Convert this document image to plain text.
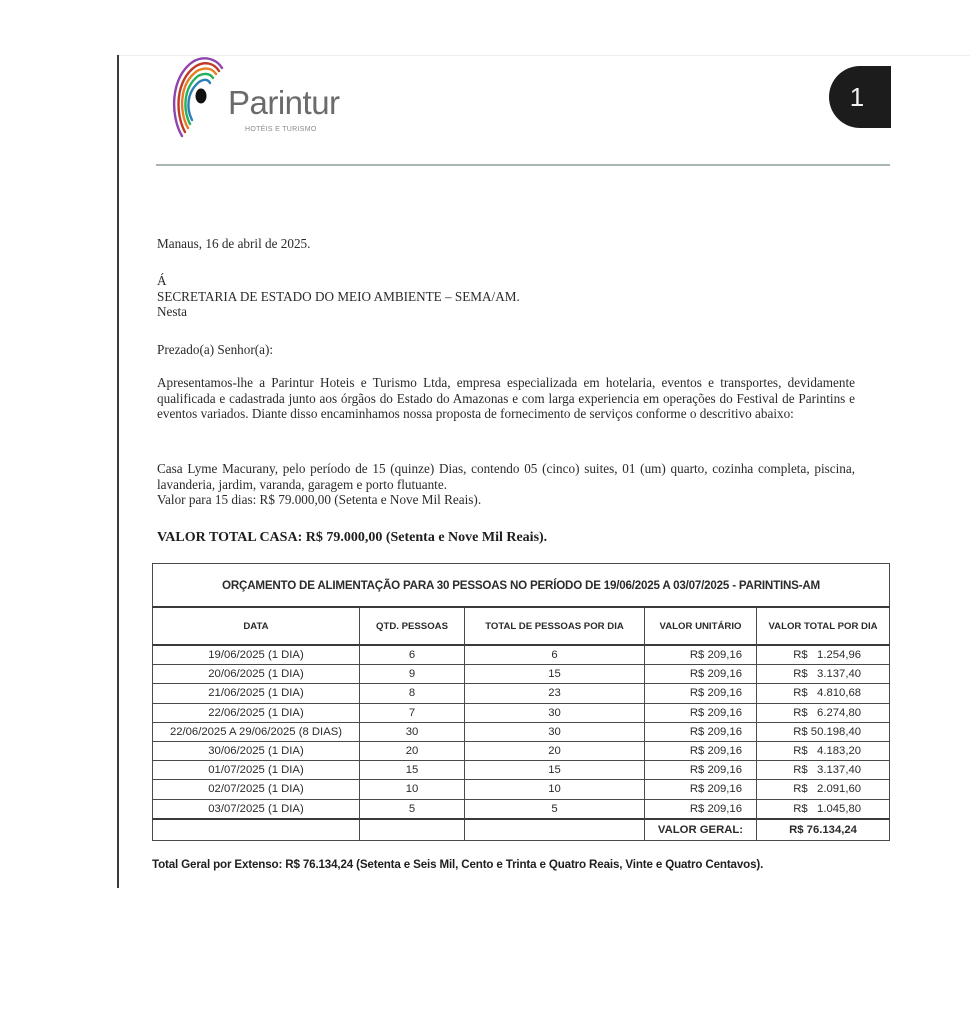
Parintur
HOTÉIS E TURISMO
1
Manaus, 16 de abril de 2025.
Á
SECRETARIA DE ESTADO DO MEIO AMBIENTE – SEMA/AM.
Nesta
Prezado(a) Senhor(a):
Apresentamos-lhe a Parintur Hoteis e Turismo Ltda, empresa especializada em hotelaria, eventos e transportes, devidamente qualificada e cadastrada junto aos órgãos do Estado do Amazonas e com larga experiencia em operações do Festival de Parintins e eventos variados. Diante disso encaminhamos nossa proposta de fornecimento de serviços conforme o descritivo abaixo:

Casa Lyme Macurany, pelo período de 15 (quinze) Dias, contendo 05 (cinco) suites, 01 (um) quarto, cozinha completa, piscina, lavanderia, jardim, varanda, garagem e porto flutuante.

Valor para 15 dias: R$ 79.000,00 (Setenta e Nove Mil Reais).

VALOR TOTAL CASA: R$ 79.000,00 (Setenta e Nove Mil Reais).
ORÇAMENTO DE ALIMENTAÇÃO PARA 30 PESSOAS NO PERÍODO DE 19/06/2025 A 03/07/2025 - PARINTINS-AM				
DATA	QTD. PESSOAS	TOTAL DE PESSOAS POR DIA	VALOR UNITÁRIO	VALOR TOTAL POR DIA
19/06/2025 (1 DIA)	6	6	R$ 209,16	R$   1.254,96
20/06/2025 (1 DIA)	9	15	R$ 209,16	R$   3.137,40
21/06/2025 (1 DIA)	8	23	R$ 209,16	R$   4.810,68
22/06/2025 (1 DIA)	7	30	R$ 209,16	R$   6.274,80
22/06/2025 A 29/06/2025 (8 DIAS)	30	30	R$ 209,16	R$ 50.198,40
30/06/2025 (1 DIA)	20	20	R$ 209,16	R$   4.183,20
01/07/2025 (1 DIA)	15	15	R$ 209,16	R$   3.137,40
02/07/2025 (1 DIA)	10	10	R$ 209,16	R$   2.091,60
03/07/2025 (1 DIA)	5	5	R$ 209,16	R$   1.045,80
			VALOR GERAL:	R$ 76.134,24
Total Geral por Extenso: R$ 76.134,24 (Setenta e Seis Mil, Cento e Trinta e Quatro Reais, Vinte e Quatro Centavos).
